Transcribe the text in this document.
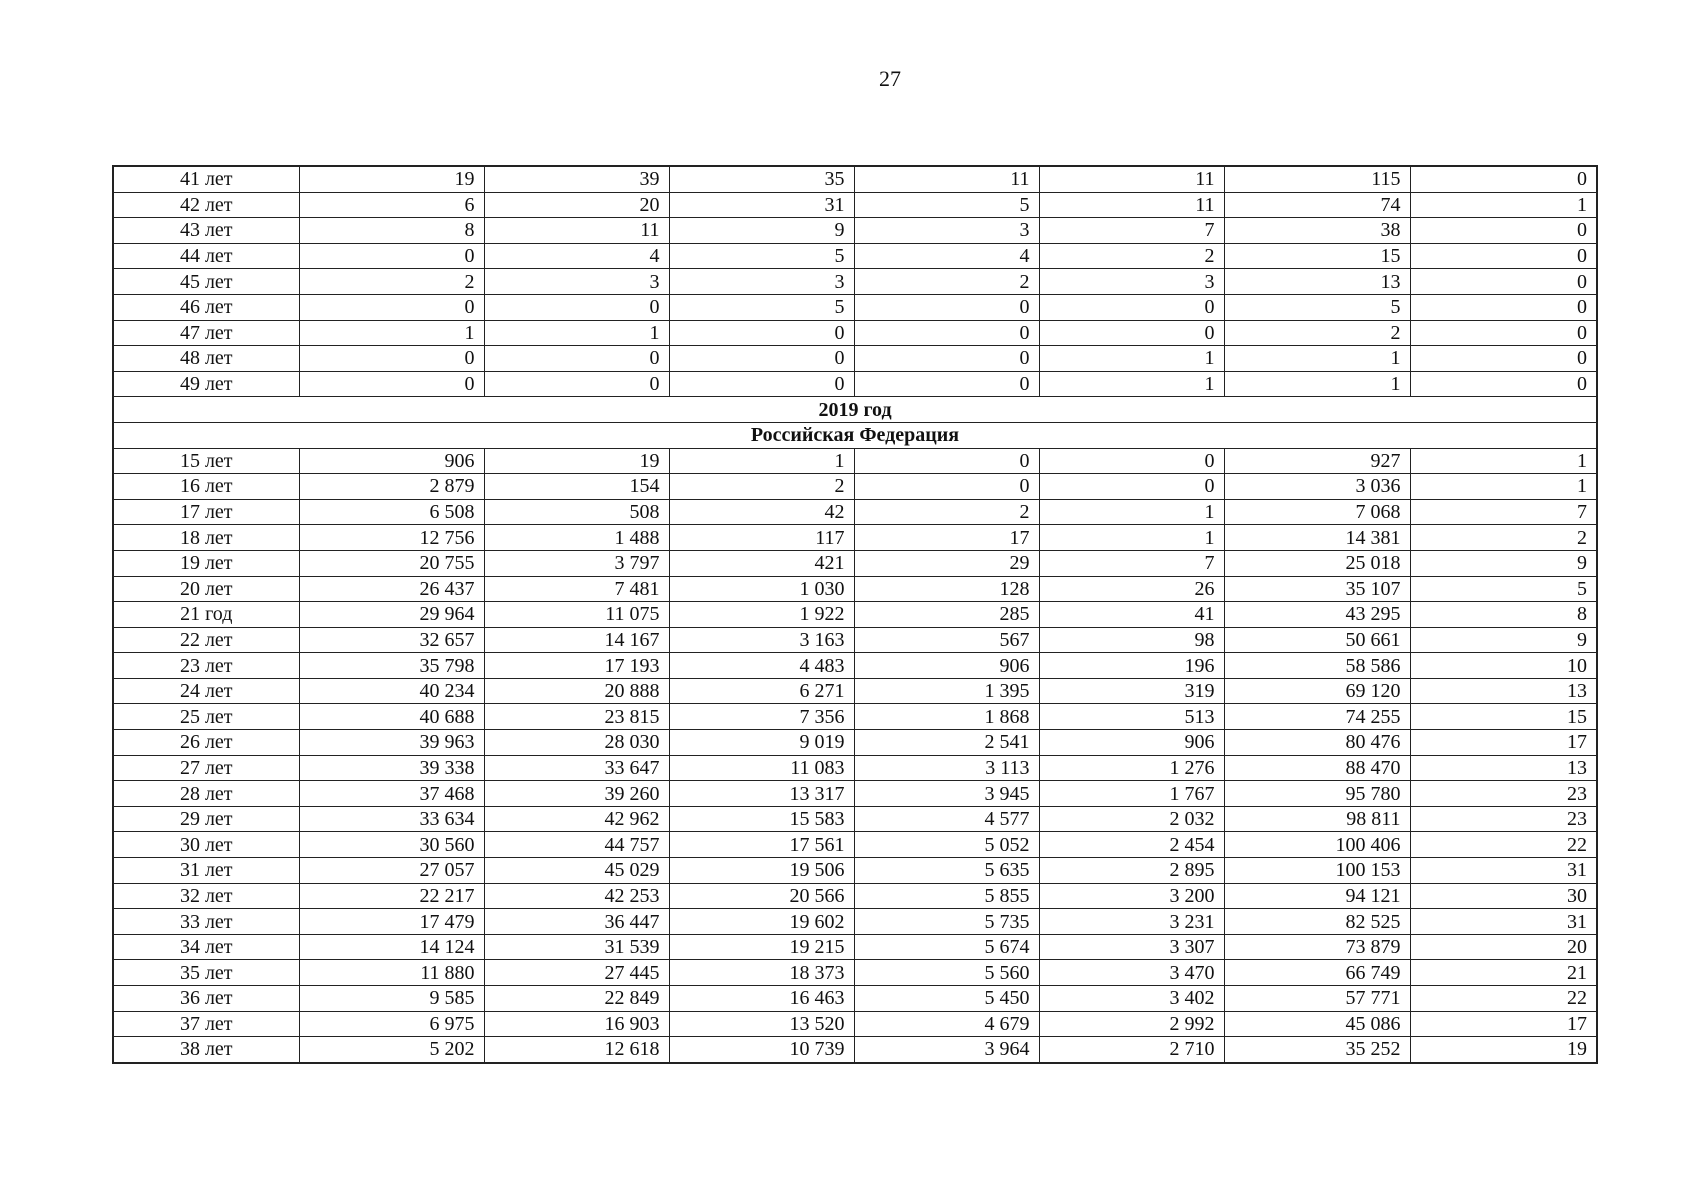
27
41 лет	19	39	35	11	11	115	0
42 лет	6	20	31	5	11	74	1
43 лет	8	11	9	3	7	38	0
44 лет	0	4	5	4	2	15	0
45 лет	2	3	3	2	3	13	0
46 лет	0	0	5	0	0	5	0
47 лет	1	1	0	0	0	2	0
48 лет	0	0	0	0	1	1	0
49 лет	0	0	0	0	1	1	0
2019 год							
Российская Федерация							
15 лет	906	19	1	0	0	927	1
16 лет	2 879	154	2	0	0	3 036	1
17 лет	6 508	508	42	2	1	7 068	7
18 лет	12 756	1 488	117	17	1	14 381	2
19 лет	20 755	3 797	421	29	7	25 018	9
20 лет	26 437	7 481	1 030	128	26	35 107	5
21 год	29 964	11 075	1 922	285	41	43 295	8
22 лет	32 657	14 167	3 163	567	98	50 661	9
23 лет	35 798	17 193	4 483	906	196	58 586	10
24 лет	40 234	20 888	6 271	1 395	319	69 120	13
25 лет	40 688	23 815	7 356	1 868	513	74 255	15
26 лет	39 963	28 030	9 019	2 541	906	80 476	17
27 лет	39 338	33 647	11 083	3 113	1 276	88 470	13
28 лет	37 468	39 260	13 317	3 945	1 767	95 780	23
29 лет	33 634	42 962	15 583	4 577	2 032	98 811	23
30 лет	30 560	44 757	17 561	5 052	2 454	100 406	22
31 лет	27 057	45 029	19 506	5 635	2 895	100 153	31
32 лет	22 217	42 253	20 566	5 855	3 200	94 121	30
33 лет	17 479	36 447	19 602	5 735	3 231	82 525	31
34 лет	14 124	31 539	19 215	5 674	3 307	73 879	20
35 лет	11 880	27 445	18 373	5 560	3 470	66 749	21
36 лет	9 585	22 849	16 463	5 450	3 402	57 771	22
37 лет	6 975	16 903	13 520	4 679	2 992	45 086	17
38 лет	5 202	12 618	10 739	3 964	2 710	35 252	19
